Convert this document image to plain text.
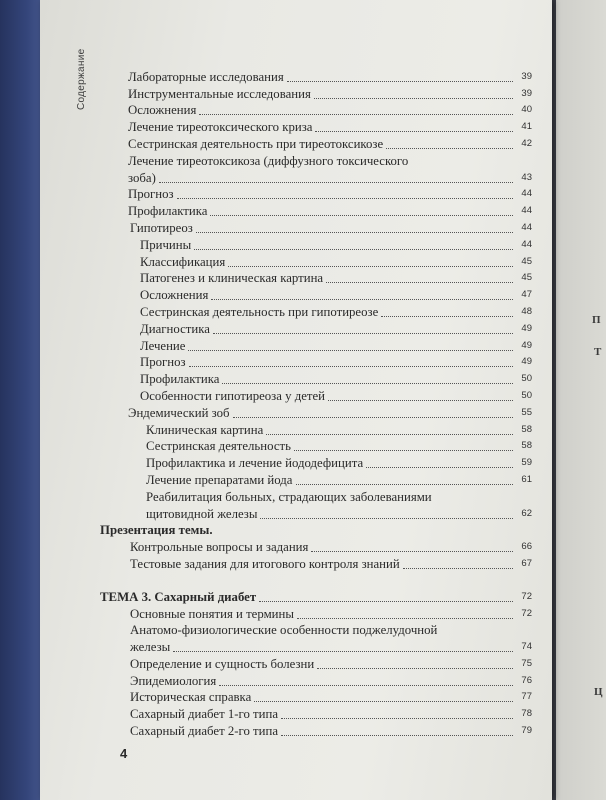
П
Т
Ц
Содержание	Лабораторные исследования	39
Инструментальные исследования	39
Осложнения	40
Лечение тиреотоксического криза	41
Сестринская деятельность при тиреотоксикозе	42
Лечение тиреотоксикоза (диффузного токсического
зоба)	43
Прогноз	44
Профилактика	44
Гипотиреоз	44
Причины	44
Классификация	45
Патогенез и клиническая картина	45
Осложнения	47
Сестринская деятельность при гипотиреозе	48
Диагностика	49
Лечение	49
Прогноз	49
Профилактика	50
Особенности гипотиреоза у детей	50
Эндемический зоб	55
Клиническая картина	58
Сестринская деятельность	58
Профилактика и лечение йододефицита	59
Лечение препаратами йода	61
Реабилитация больных, страдающих заболеваниями
щитовидной железы	62
Презентация темы.
Контрольные вопросы и задания	66
Тестовые задания для итогового контроля знаний	67
ТЕМА 3. Сахарный диабет	72
Основные понятия и термины	72
Анатомо-физиологические особенности поджелудочной
железы	74
Определение и сущность болезни	75
Эпидемиология	76
Историческая справка	77
Сахарный диабет 1-го типа	78
Сахарный диабет 2-го типа	79
4
